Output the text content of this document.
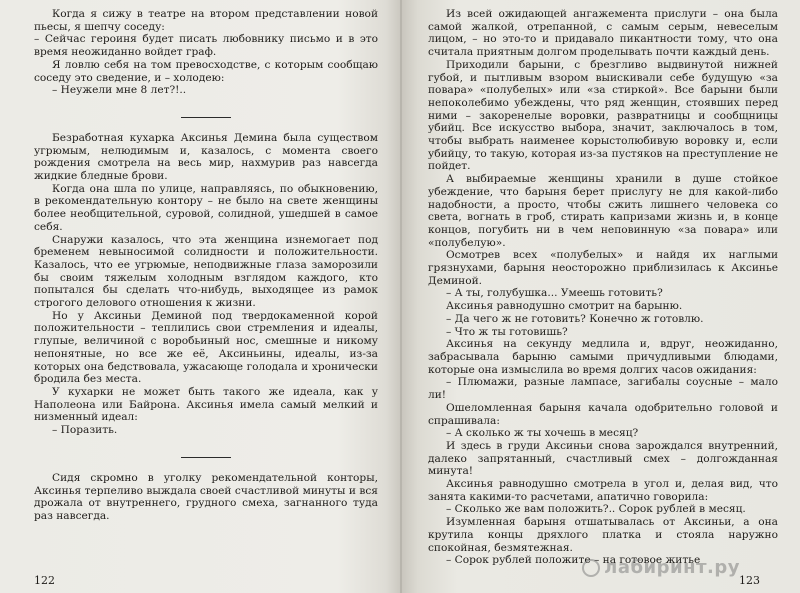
Когда я сижу в театре на втором представлении новой пьесы, я шепчу соседу:

– Сейчас героиня будет писать любовнику письмо и в это время неожиданно войдет граф.

Я ловлю себя на том превосходстве, с которым сообщаю соседу это сведение, и – холодею:

– Неужели мне 8 лет?!..

Безработная кухарка Аксинья Демина была существом угрюмым, нелюдимым и, казалось, с момента своего рождения смотрела на весь мир, нахмурив раз навсегда жидкие бледные брови.

Когда она шла по улице, направляясь, по обыкновению, в рекомендательную контору – не было на свете женщины более необщительной, суровой, солидной, ушедшей в самое себя.

Снаружи казалось, что эта женщина изнемогает под бременем невыносимой солидности и положительности. Казалось, что ее угрюмые, неподвижные глаза заморозили бы своим тяжелым холодным взглядом каждого, кто попытался бы сделать что-нибудь, выходящее из рамок строгого делового отношения к жизни.

Но у Аксиньи Деминой под твердокаменной корой положительности – теплились свои стремления и идеалы, глупые, величиной с воробьиный нос, смешные и никому непонятные, но все же её, Аксиньины, идеалы, из-за которых она бедствовала, ужасающе голодала и хронически бродила без места.

У кухарки не может быть такого же идеала, как у Наполеона или Байрона. Аксинья имела самый мелкий и низменный идеал:

– Поразить.

Сидя скромно в уголку рекомендательной конторы, Аксинья терпеливо выждала своей счастливой минуты и вся дрожала от внутреннего, грудного смеха, загнанного туда раз навсегда.

122

Из всей ожидающей ангажемента прислуги – она была самой жалкой, отрепанной, с самым серым, невеселым лицом, – но это-то и придавало пикантности тому, что она считала приятным долгом проделывать почти каждый день.

Приходили барыни, с брезгливо выдвинутой нижней губой, и пытливым взором выискивали себе будущую «за повара» «полубелых» или «за стиркой». Все барыни были непоколебимо убеждены, что ряд женщин, стоявших перед ними – закоренелые воровки, развратницы и сообщницы убийц. Все искусство выбора, значит, заключалось в том, чтобы выбрать наименее корыстолюбивую воровку и, если убийцу, то такую, которая из-за пустяков на преступление не пойдет.

А выбираемые женщины хранили в душе стойкое убеждение, что барыня берет прислугу не для какой-либо надобности, а просто, чтобы сжить лишнего человека со света, вогнать в гроб, стирать капризами жизнь и, в конце концов, погубить ни в чем неповинную «за повара» или «полубелую».

Осмотрев всех «полубелых» и найдя их наглыми грязнухами, барыня неосторожно приблизилась к Аксинье Деминой.

– А ты, голубушка... Умеешь готовить?

Аксинья равнодушно смотрит на барыню.

– Да чего ж не готовить? Конечно ж готовлю.

– Что ж ты готовишь?

Аксинья на секунду медлила и, вдруг, неожиданно, забрасывала барыню самыми причудливыми блюдами, которые она измыслила во время долгих часов ожидания:

– Плюмажи, разные лампасе, загибалы соусные – мало ли!

Ошеломленная барыня качала одобрительно головой и спрашивала:

– А сколько ж ты хочешь в месяц?

И здесь в груди Аксиньи снова зарождался внутренний, далеко запрятанный, счастливый смех – долгожданная минута!

Аксинья равнодушно смотрела в угол и, делая вид, что занята какими-то расчетами, апатично говорила:

– Сколько же вам положить?.. Сорок рублей в месяц.

Изумленная барыня отшатывалась от Аксиньи, а она крутила концы дряхлого платка и стояла наружно спокойная, безмятежная.

– Сорок рублей положите – на готовое житье

лабиринт.ру
123
